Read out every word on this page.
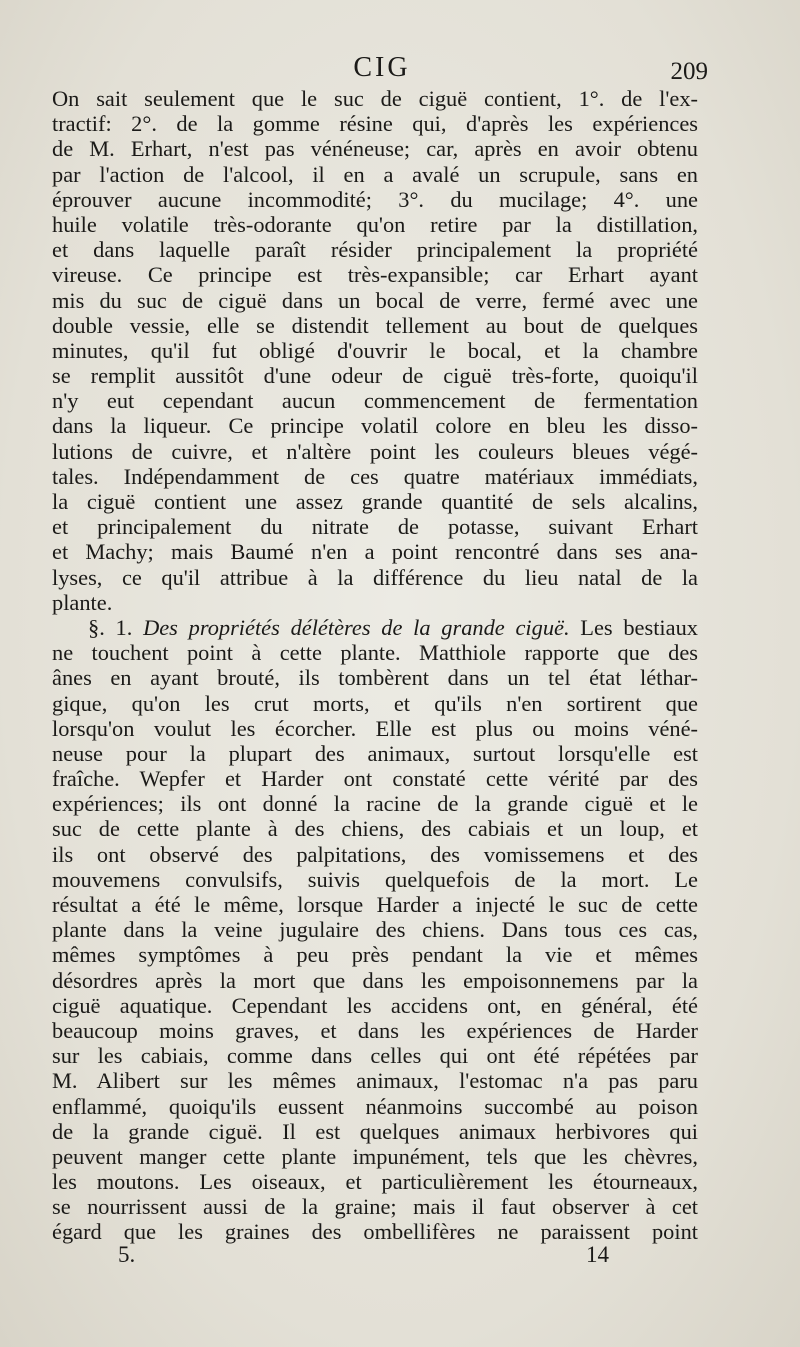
CIG	209
On sait seulement que le suc de ciguë contient, 1°. de l'ex-
tractif: 2°. de la gomme résine qui, d'après les expériences
de M. Erhart, n'est pas vénéneuse; car, après en avoir obtenu
par l'action de l'alcool, il en a avalé un scrupule, sans en
éprouver aucune incommodité; 3°. du mucilage; 4°. une
huile volatile très-odorante qu'on retire par la distillation,
et dans laquelle paraît résider principalement la propriété
vireuse. Ce principe est très-expansible; car Erhart ayant
mis du suc de ciguë dans un bocal de verre, fermé avec une
double vessie, elle se distendit tellement au bout de quelques
minutes, qu'il fut obligé d'ouvrir le bocal, et la chambre
se remplit aussitôt d'une odeur de ciguë très-forte, quoiqu'il
n'y eut cependant aucun commencement de fermentation
dans la liqueur. Ce principe volatil colore en bleu les disso-
lutions de cuivre, et n'altère point les couleurs bleues végé-
tales. Indépendamment de ces quatre matériaux immédiats,
la ciguë contient une assez grande quantité de sels alcalins,
et principalement du nitrate de potasse, suivant Erhart
et Machy; mais Baumé n'en a point rencontré dans ses ana-
lyses, ce qu'il attribue à la différence du lieu natal de la
plante.
§. 1. Des propriétés délétères de la grande ciguë. Les bestiaux
ne touchent point à cette plante. Matthiole rapporte que des
ânes en ayant brouté, ils tombèrent dans un tel état léthar-
gique, qu'on les crut morts, et qu'ils n'en sortirent que
lorsqu'on voulut les écorcher. Elle est plus ou moins véné-
neuse pour la plupart des animaux, surtout lorsqu'elle est
fraîche. Wepfer et Harder ont constaté cette vérité par des
expériences; ils ont donné la racine de la grande ciguë et le
suc de cette plante à des chiens, des cabiais et un loup, et
ils ont observé des palpitations, des vomissemens et des
mouvemens convulsifs, suivis quelquefois de la mort. Le
résultat a été le même, lorsque Harder a injecté le suc de cette
plante dans la veine jugulaire des chiens. Dans tous ces cas,
mêmes symptômes à peu près pendant la vie et mêmes
désordres après la mort que dans les empoisonnemens par la
ciguë aquatique. Cependant les accidens ont, en général, été
beaucoup moins graves, et dans les expériences de Harder
sur les cabiais, comme dans celles qui ont été répétées par
M. Alibert sur les mêmes animaux, l'estomac n'a pas paru
enflammé, quoiqu'ils eussent néanmoins succombé au poison
de la grande ciguë. Il est quelques animaux herbivores qui
peuvent manger cette plante impunément, tels que les chèvres,
les moutons. Les oiseaux, et particulièrement les étourneaux,
se nourrissent aussi de la graine; mais il faut observer à cet
égard que les graines des ombellifères ne paraissent point
5.	14
